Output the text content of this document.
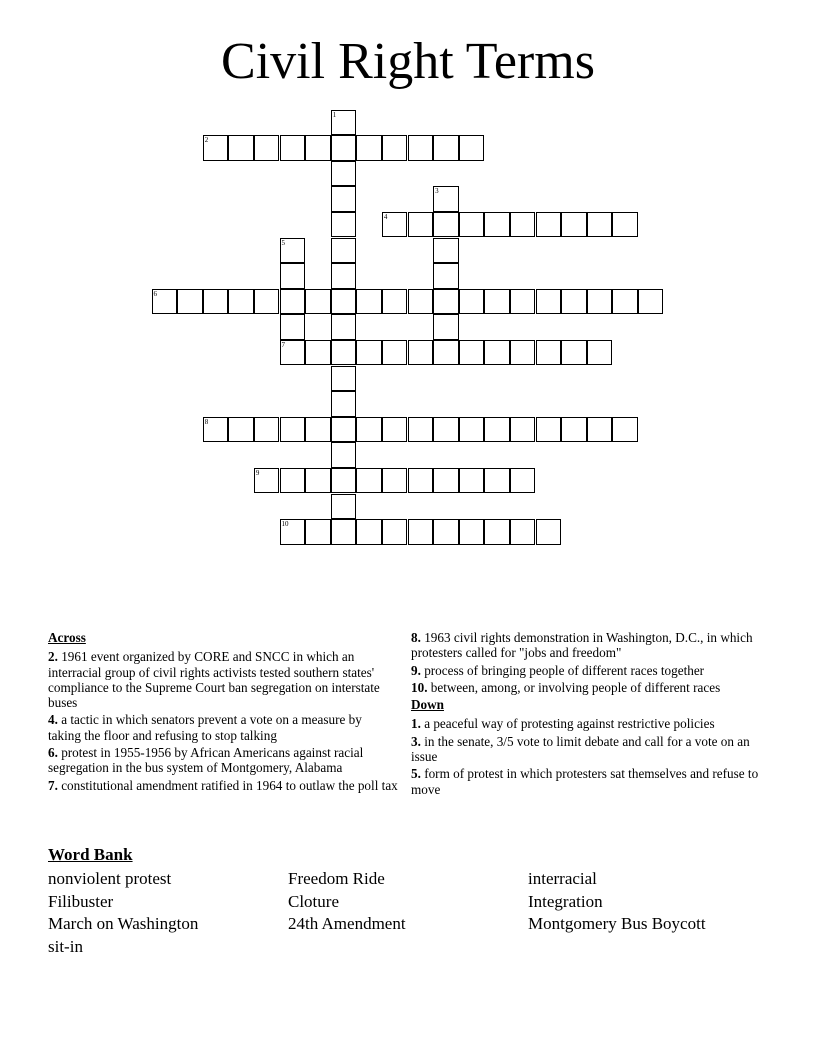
Civil Right Terms
1
2
3
4
5
6
7
8
9
10
Across
2. 1961 event organized by CORE and SNCC in which an interracial group of civil rights activists tested southern states' compliance to the Supreme Court ban segregation on interstate buses
4. a tactic in which senators prevent a vote on a measure by taking the floor and refusing to stop talking
6. protest in 1955-1956 by African Americans against racial segregation in the bus system of Montgomery, Alabama
7. constitutional amendment ratified in 1964 to outlaw the poll tax
8. 1963 civil rights demonstration in Washington, D.C., in which protesters called for "jobs and freedom"
9. process of bringing people of different races together
10. between, among, or involving people of different races
Down
1. a peaceful way of protesting against restrictive policies
3. in the senate, 3/5 vote to limit debate and call for a vote on an issue
5. form of protest in which protesters sat themselves and refuse to move
Word Bank
nonviolent protest	Freedom Ride	interracial
Filibuster	Cloture	Integration
March on Washington	24th Amendment	Montgomery Bus Boycott
sit-in
